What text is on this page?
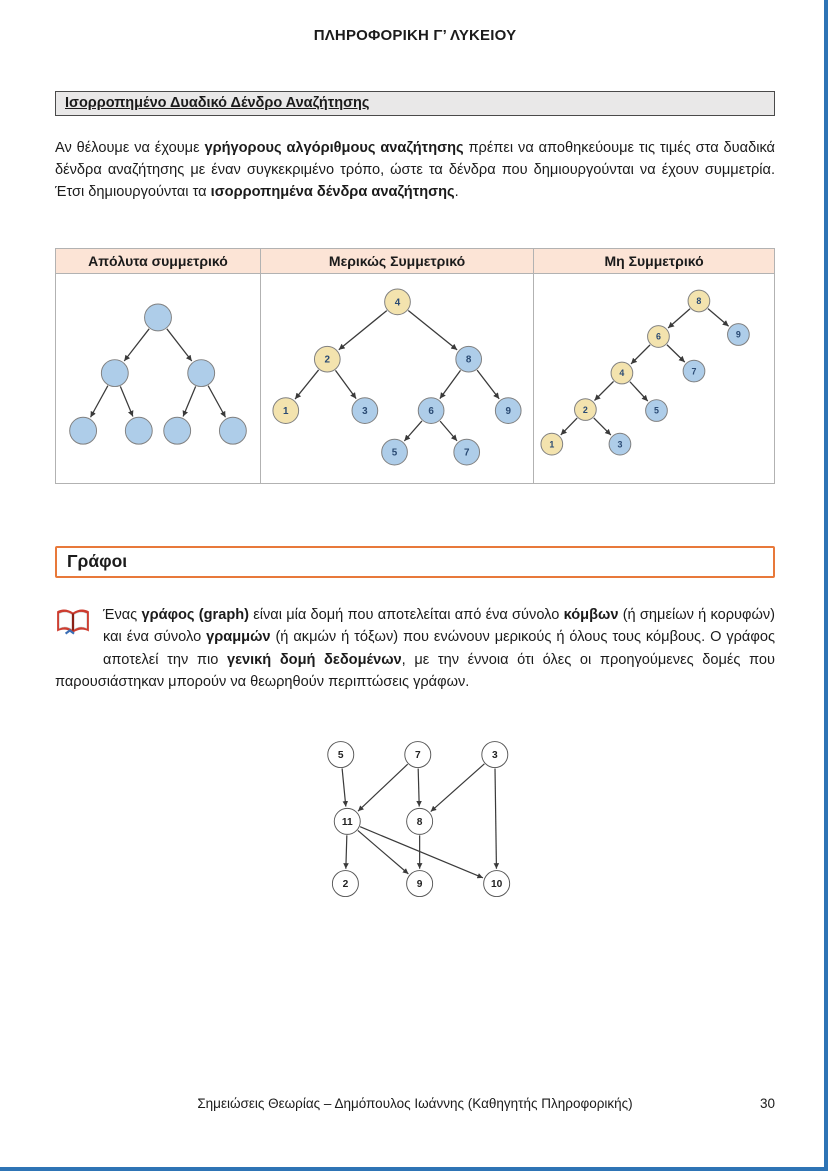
ΠΛΗΡΟΦΟΡΙΚΗ Γ’ ΛΥΚΕΙΟΥ
Ισορροπημένο Δυαδικό Δένδρο Αναζήτησης

Αν θέλουμε να έχουμε γρήγορους αλγόριθμους αναζήτησης πρέπει να αποθηκεύουμε τις τιμές στα δυαδικά δένδρα αναζήτησης με έναν συγκεκριμένο τρόπο, ώστε τα δένδρα που δημιουργούνται να έχουν συμμετρία. Έτσι δημιουργούνται τα ισορροπημένα δένδρα αναζήτησης.

Απόλυτα συμμετρικό	Μερικώς Συμμετρικό	Μη Συμμετρικό

4
2	8
1	3	6	9
5	7

8
6	9
4	7
2	5
1	3
Γράφοι

Ένας γράφος (graph) είναι μία δομή που αποτελείται από ένα σύνολο κόμβων (ή σημείων ή κορυφών) και ένα σύνολο γραμμών (ή ακμών ή τόξων) που ενώνουν μερικούς ή όλους τους κόμβους. Ο γράφος αποτελεί την πιο γενική δομή δεδομένων, με την έννοια ότι όλες οι προηγούμενες δομές που παρουσιάστηκαν μπορούν να θεωρηθούν περιπτώσεις γράφων.

5	7	3
11	8
2	9	10
Σημειώσεις Θεωρίας – Δημόπουλος Ιωάννης (Καθηγητής Πληροφορικής)	30
